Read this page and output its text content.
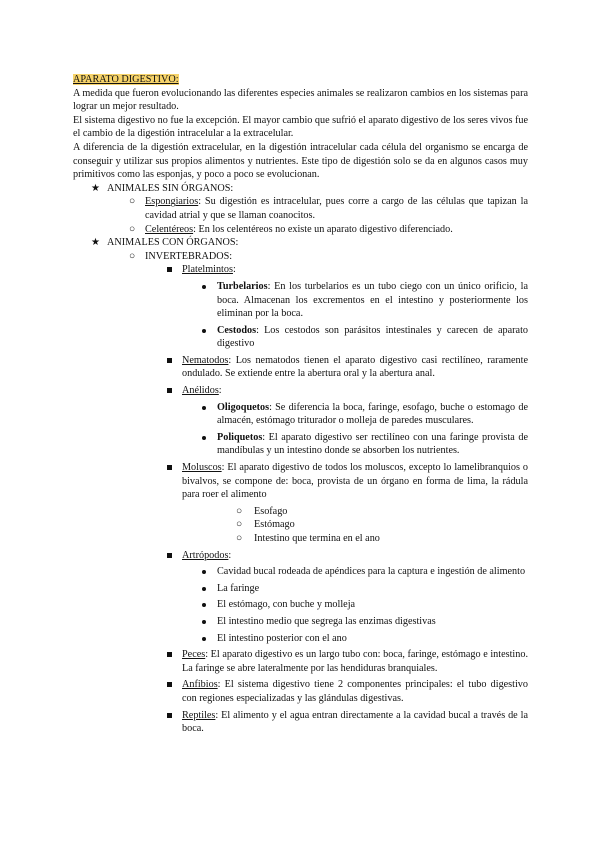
APARATO DIGESTIVO:

A medida que fueron evolucionando las diferentes especies animales se realizaron cambios en los sistemas para lograr un mejor resultado.

El sistema digestivo no fue la excepción. El mayor cambio que sufrió el aparato digestivo de los seres vivos fue el cambio de la digestión intracelular a la extracelular.

A diferencia de la digestión extracelular, en la digestión intracelular cada célula del organismo se encarga de conseguir y utilizar sus propios alimentos y nutrientes. Este tipo de digestión solo se da en algunos casos muy primitivos como las esponjas, y poco a poco se evolucionan.

★ ANIMALES SIN ÓRGANOS:
○ Espongiarios: Su digestión es intracelular, pues corre a cargo de las células que tapizan la cavidad atrial y que se llaman coanocitos.
○ Celentéreos: En los celentéreos no existe un aparato digestivo diferenciado.
★ ANIMALES CON ÓRGANOS:
○ INVERTEBRADOS:
Platelmintos:
Turbelarios: En los turbelarios es un tubo ciego con un único orificio, la boca. Almacenan los excrementos en el intestino y posteriormente los eliminan por la boca.
Cestodos: Los cestodos son parásitos intestinales y carecen de aparato digestivo
Nematodos: Los nematodos tienen el aparato digestivo casi rectilíneo, raramente ondulado. Se extiende entre la abertura oral y la abertura anal.
Anélidos:
Oligoquetos: Se diferencia la boca, faringe, esofago, buche o estomago de almacén, estómago triturador o molleja de paredes musculares.
Poliquetos: El aparato digestivo ser rectilíneo con una faringe provista de mandíbulas y un intestino donde se absorben los nutrientes.
Moluscos: El aparato digestivo de todos los moluscos, excepto lo lamelibranquios o bivalvos, se compone de: boca, provista de un órgano en forma de lima, la rádula para roer el alimento
○ Esofago
○ Estómago
○ Intestino que termina en el ano
Artrópodos:
Cavidad bucal rodeada de apéndices para la captura e ingestión de alimento
La faringe
El estómago, con buche y molleja
El intestino medio que segrega las enzimas digestivas
El intestino posterior con el ano
Peces: El aparato digestivo es un largo tubo con: boca, faringe, estómago e intestino. La faringe se abre lateralmente por las hendiduras branquiales.
Anfibios: El sistema digestivo tiene 2 componentes principales: el tubo digestivo con regiones especializadas y las glándulas digestivas.
Reptiles: El alimento y el agua entran directamente a la cavidad bucal a través de la boca.
